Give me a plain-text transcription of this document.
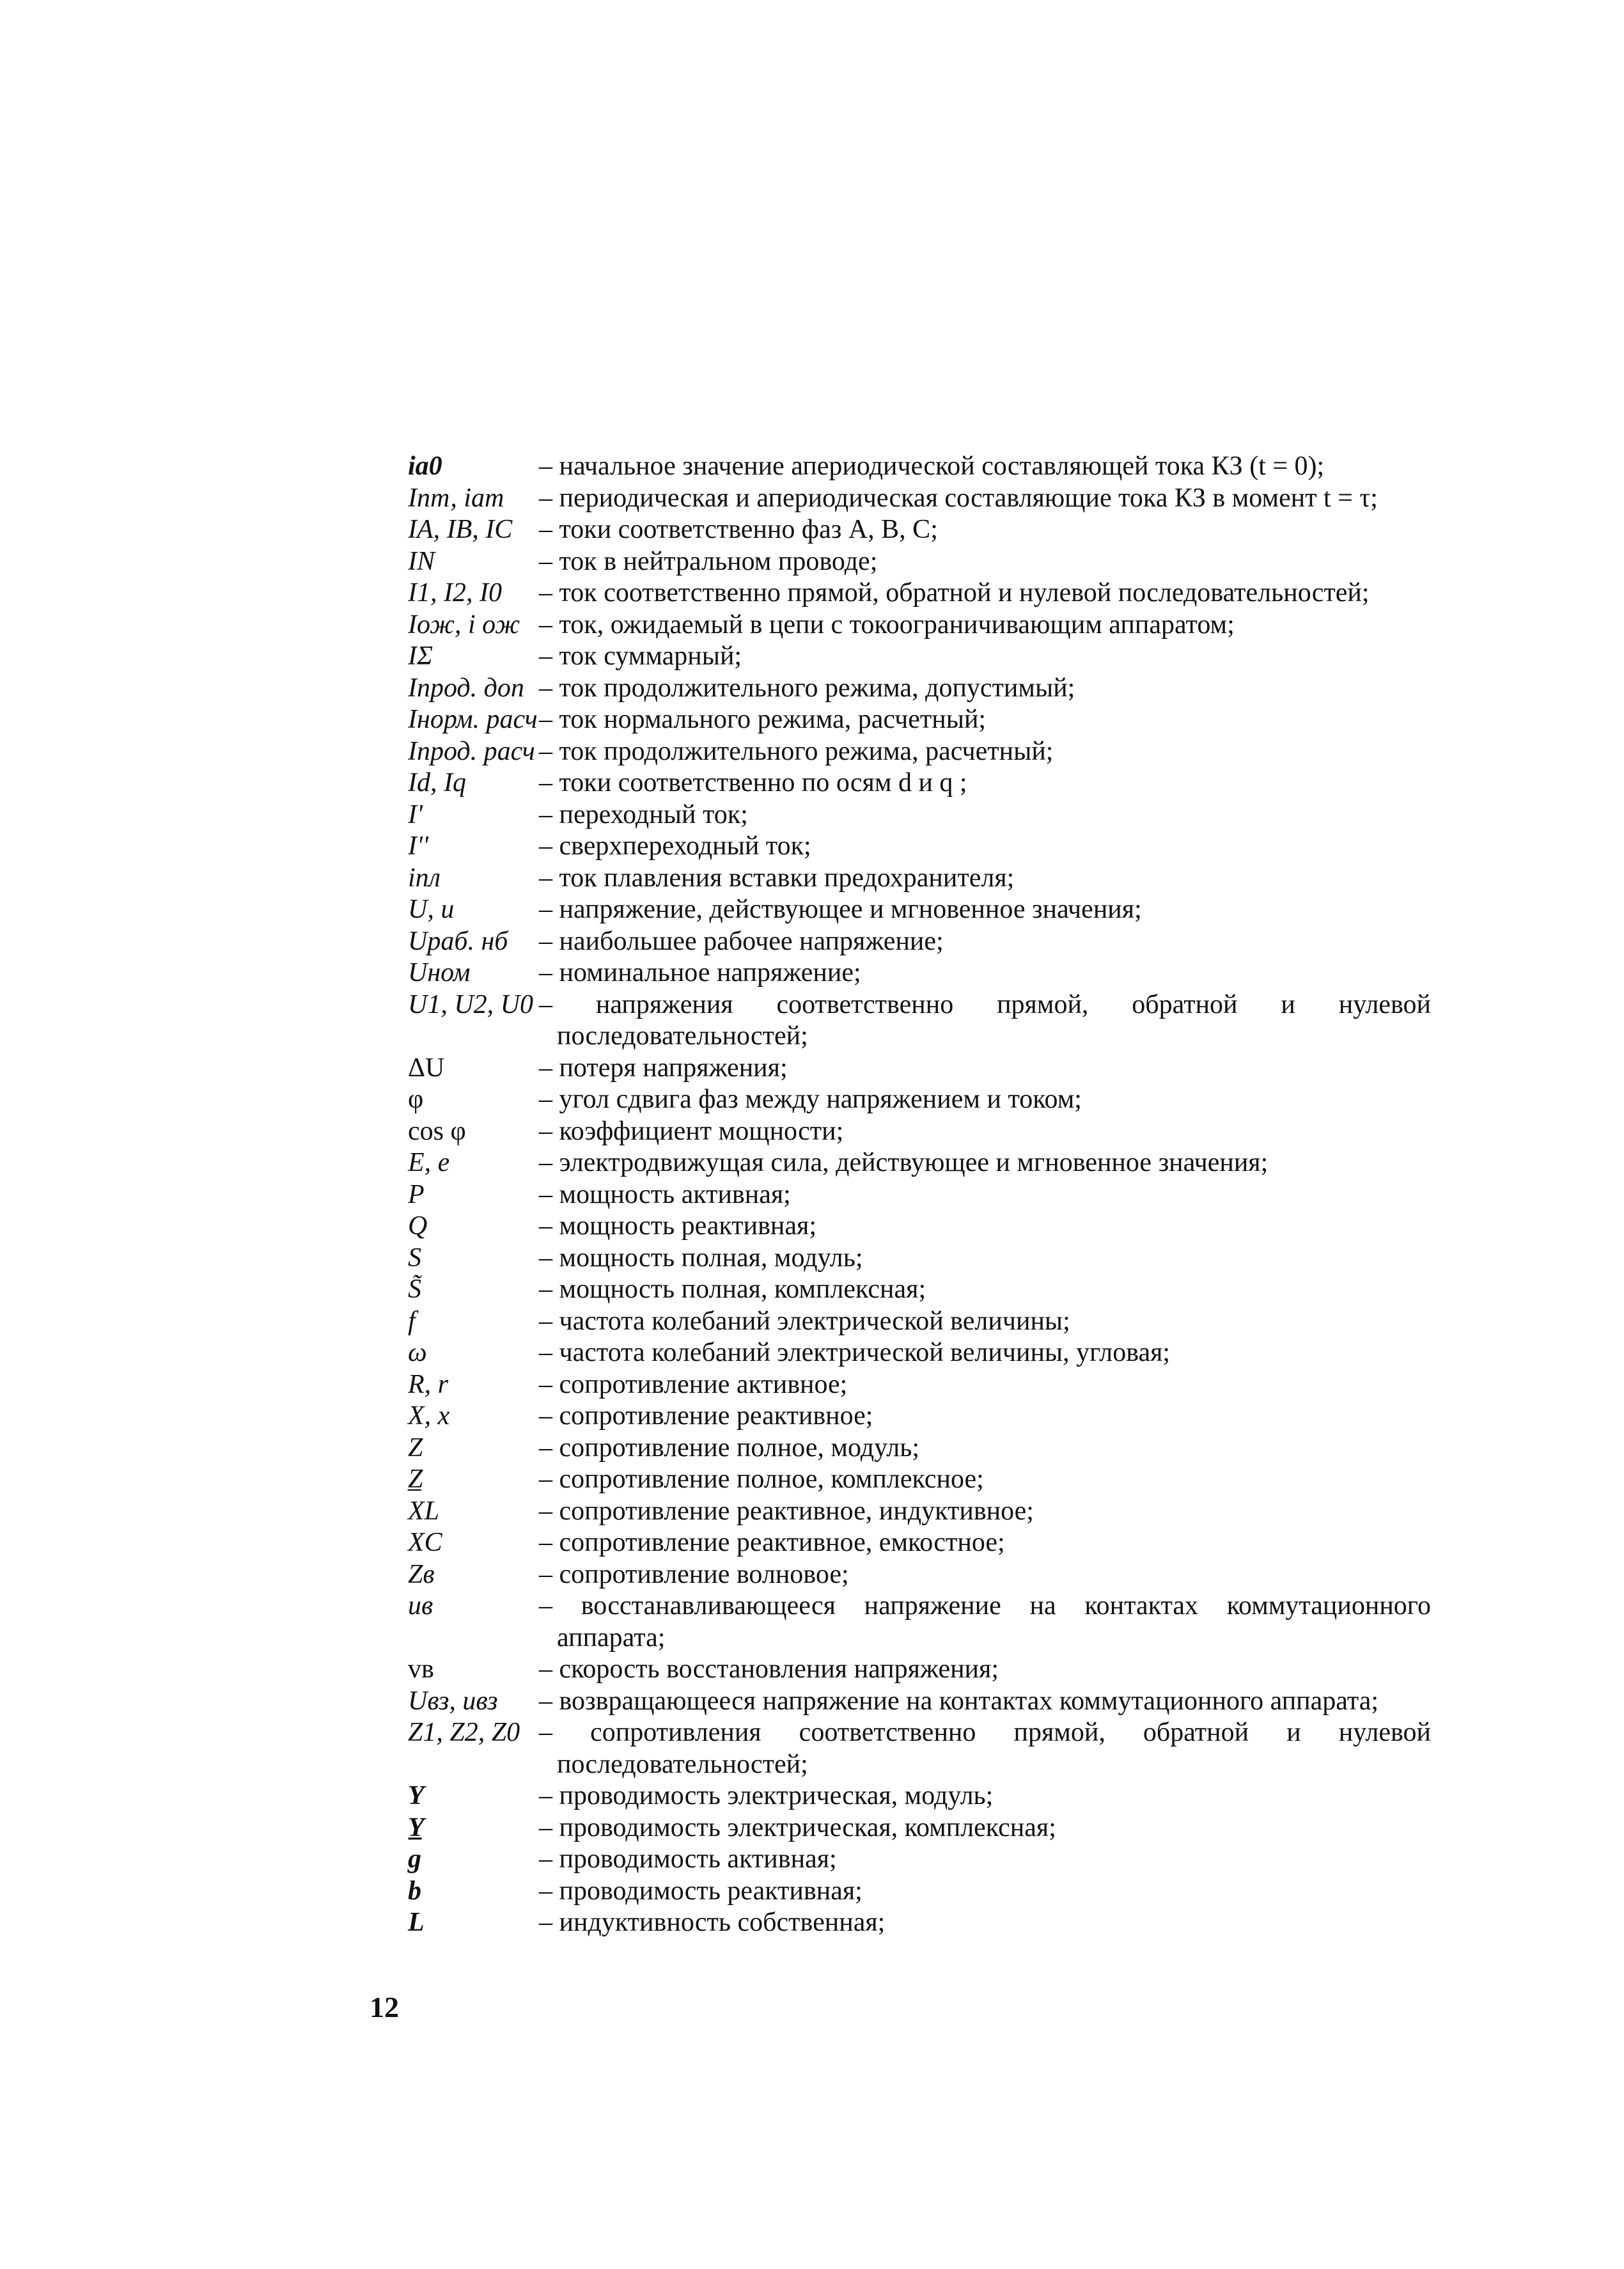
iа0	– начальное значение апериодической составляющей тока КЗ (t = 0);
Iпт, iат	– периодическая и апериодическая составляющие тока КЗ в момент t = τ;
IA, IB, IC – токи соответственно фаз A, B, C;
IN	– ток в нейтральном проводе;
I1, I2, I0	– ток соответственно прямой, обратной и нулевой последовательностей;
Iож, i ож – ток, ожидаемый в цепи с токоограничивающим аппаратом;
IΣ	– ток суммарный;
Iпрод. доп – ток продолжительного режима, допустимый;
Iнорм. расч – ток нормального режима, расчетный;
Iпрод. расч – ток продолжительного режима, расчетный;
Id, Iq	– токи соответственно по осям d и q ;
I'	– переходный ток;
I''	– сверхпереходный ток;
iпл	– ток плавления вставки предохранителя;
U, u	– напряжение, действующее и мгновенное значения;
Uраб. нб	– наибольшее рабочее напряжение;
Uном	– номинальное напряжение;
U1, U2, U0 – напряжения соответственно прямой, обратной и нулевой последовательностей;
ΔU	– потеря напряжения;
φ	– угол сдвига фаз между напряжением и током;
cos φ	– коэффициент мощности;
E, e	– электродвижущая сила, действующее и мгновенное значения;
P	– мощность активная;
Q	– мощность реактивная;
S	– мощность полная, модуль;
S̃	– мощность полная, комплексная;
f	– частота колебаний электрической величины;
ω	– частота колебаний электрической величины, угловая;
R, r	– сопротивление активное;
X, x	– сопротивление реактивное;
Z	– сопротивление полное, модуль;
Z̲	– сопротивление полное, комплексное;
XL	– сопротивление реактивное, индуктивное;
XC	– сопротивление реактивное, емкостное;
Zв	– сопротивление волновое;
uв	– восстанавливающееся напряжение на контактах коммутационного аппарата;
vв	– скорость восстановления напряжения;
Uвз, uвз	– возвращающееся напряжение на контактах коммутационного аппарата;
Z1, Z2, Z0 – сопротивления соответственно прямой, обратной и нулевой последовательностей;
Y	– проводимость электрическая, модуль;
Y̲	– проводимость электрическая, комплексная;
g	– проводимость активная;
b	– проводимость реактивная;
L	– индуктивность собственная;
12
